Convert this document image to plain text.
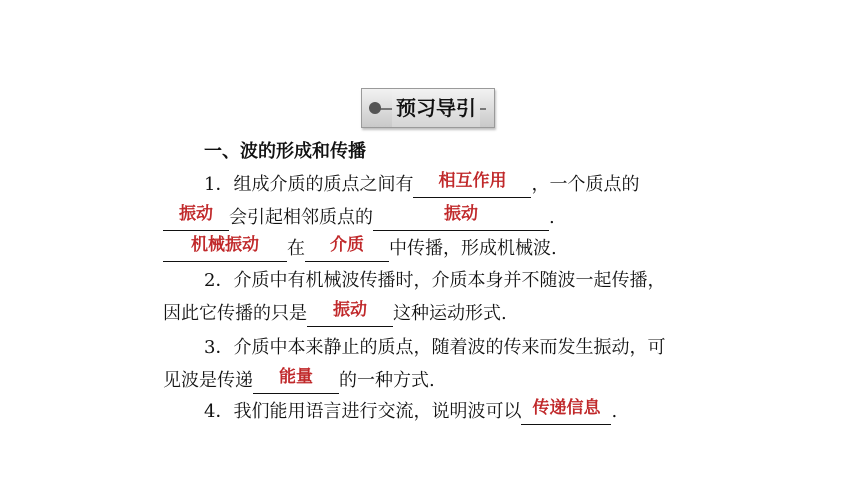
预习导引
一、波的形成和传播
1．组成介质的质点之间有	相互作用	，一个质点的
振动 会引起相邻质点的	振动	.
机械振动	在	介质	中传播，形成机械波.
2．介质中有机械波传播时，介质本身并不随波一起传播，
因此它传播的只是	振动	这种运动形式.
3．介质中本来静止的质点，随着波的传来而发生振动，可
见波是传递	能量	的一种方式.
4．我们能用语言进行交流，说明波可以 传递信息 .
